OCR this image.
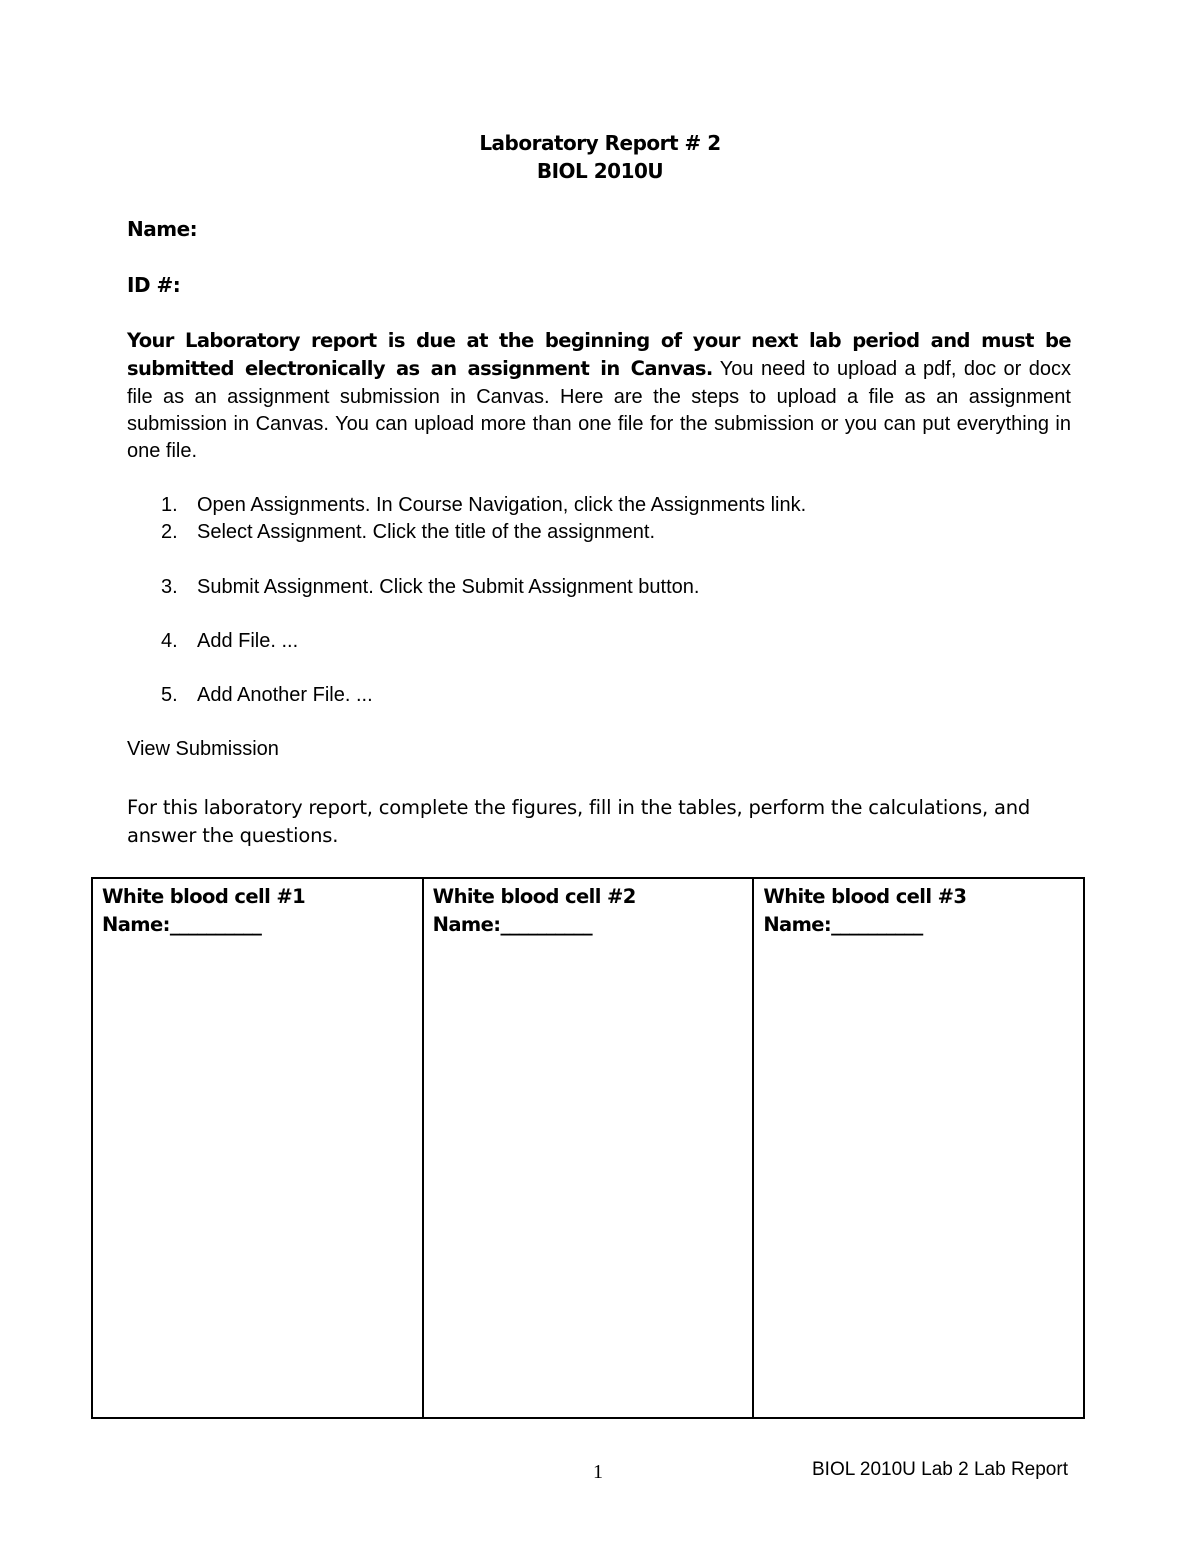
Laboratory Report # 2
BIOL 2010U
Name:
ID #:
Your Laboratory report is due at the beginning of your next lab period and must be submitted electronically as an assignment in Canvas. You need to upload a pdf, doc or docx file as an assignment submission in Canvas. Here are the steps to upload a file as an assignment submission in Canvas. You can upload more than one file for the submission or you can put everything in one file.
1. Open Assignments. In Course Navigation, click the Assignments link.
2. Select Assignment. Click the title of the assignment.
3. Submit Assignment. Click the Submit Assignment button.
4. Add File. ...
5. Add Another File. ...
View Submission
For this laboratory report, complete the figures, fill in the tables, perform the calculations, and answer the questions.
White blood cell #1
Name:__________

White blood cell #2
Name:__________

White blood cell #3
Name:__________
1	BIOL 2010U Lab 2 Lab Report
